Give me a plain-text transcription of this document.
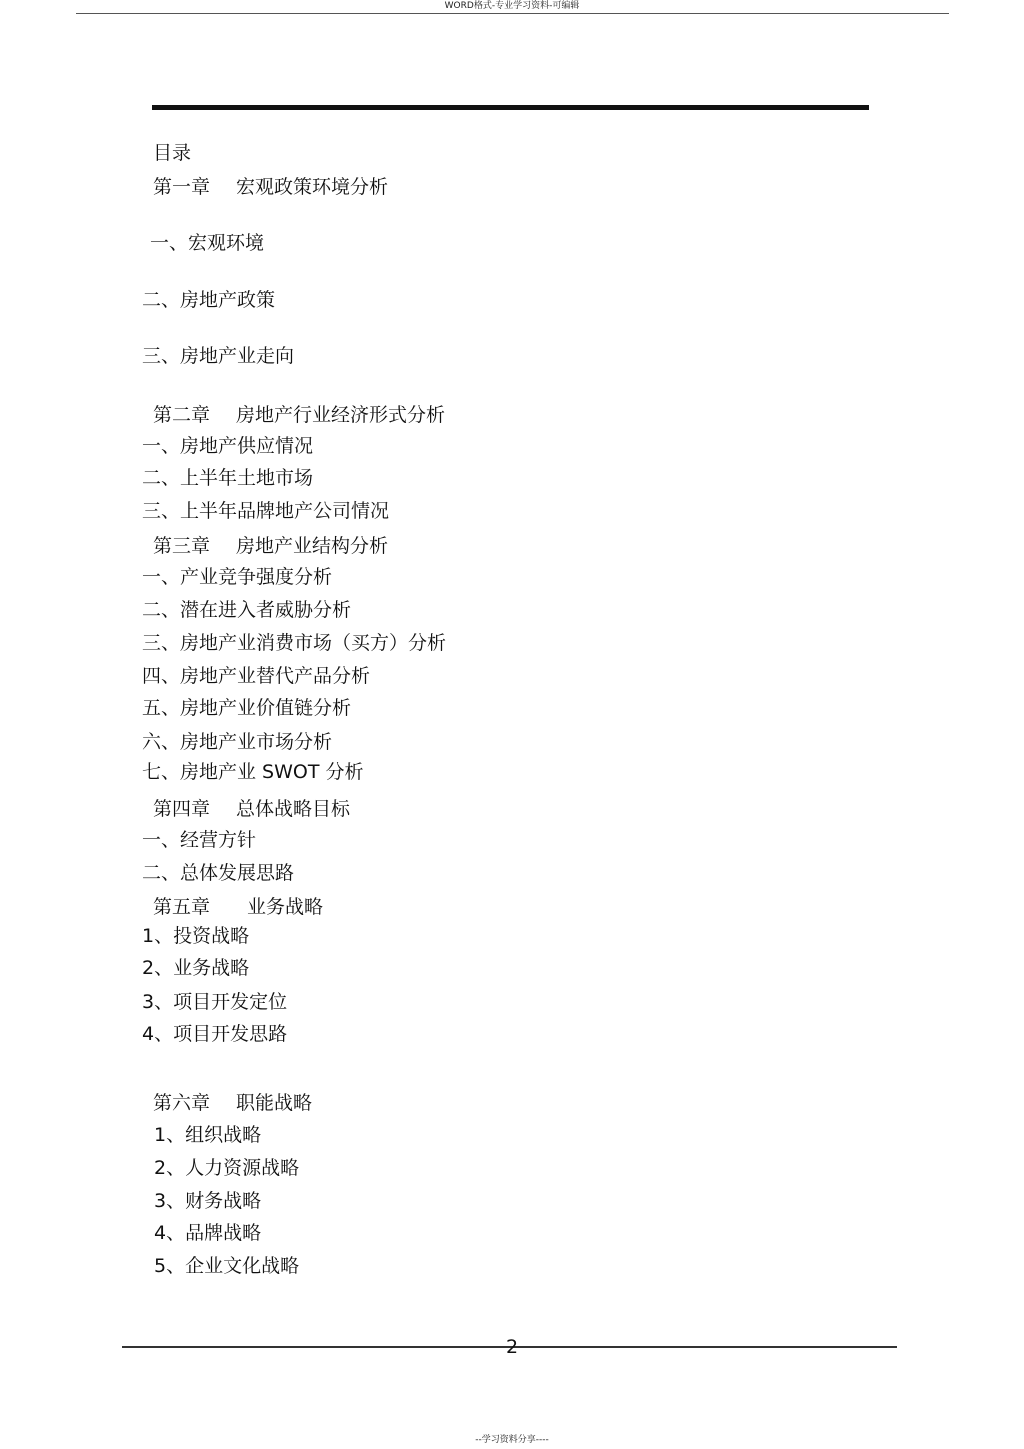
WORD格式-专业学习资料-可编辑
目录
第一章 宏观政策环境分析
一、宏观环境
二、房地产政策
三、房地产业走向
第二章 房地产行业经济形式分析
一、房地产供应情况
二、上半年土地市场
三、上半年品牌地产公司情况
第三章 房地产业结构分析
一、产业竞争强度分析
二、潜在进入者威胁分析
三、房地产业消费市场（买方）分析
四、房地产业替代产品分析
五、房地产业价值链分析
六、房地产业市场分析
七、房地产业 SWOT 分析
第四章 总体战略目标
一、经营方针
二、总体发展思路
第五章 业务战略
1、投资战略
2、业务战略
3、项目开发定位
4、项目开发思路
第六章 职能战略
1、组织战略
2、人力资源战略
3、财务战略
4、品牌战略
5、企业文化战略
2
--学习资料分享----
